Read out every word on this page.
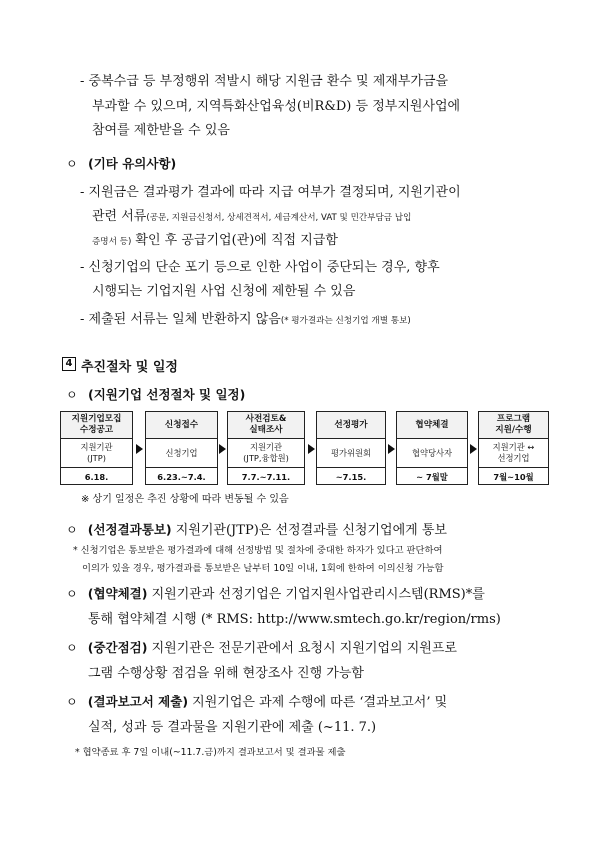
- 중복수급 등 부정행위 적발시 해당 지원금 환수 및 제재부가금을
부과할 수 있으며, 지역특화산업육성(비R&D) 등 정부지원사업에
참여를 제한받을 수 있음
ㅇ (기타 유의사항)
- 지원금은 결과평가 결과에 따라 지급 여부가 결정되며, 지원기관이
관련 서류(공문, 지원금신청서, 상세견적서, 세금계산서, VAT 및 민간부담금 납입
증명서 등) 확인 후 공급기업(관)에 직접 지급함
- 신청기업의 단순 포기 등으로 인한 사업이 중단되는 경우, 향후
시행되는 기업지원 사업 신청에 제한될 수 있음
- 제출된 서류는 일체 반환하지 않음(* 평가결과는 신청기업 개별 통보)
4 추진절차 및 일정
ㅇ (지원기업 선정절차 및 일정)
지원기업모집
수정공고
지원기관
(JTP)
6.18.
신청접수
신청기업
6.23.~7.4.
사전검토&
실태조사
지원기관
(JTP,융합원)
7.7.~7.11.
선정평가
평가위원회
~7.15.
협약체결
협약당사자
~ 7월말
프로그램
지원/수행
지원기관 ↔
선정기업
7월~10월
※ 상기 일정은 추진 상황에 따라 변동될 수 있음
ㅇ (선정결과통보) 지원기관(JTP)은 선정결과를 신청기업에게 통보
* 신청기업은 통보받은 평가결과에 대해 선정방법 및 절차에 중대한 하자가 있다고 판단하여
이의가 있을 경우, 평가결과를 통보받은 날부터 10일 이내, 1회에 한하여 이의신청 가능함
ㅇ (협약체결) 지원기관과 선정기업은 기업지원사업관리시스템(RMS)*를
통해 협약체결 시행 (* RMS: http://www.smtech.go.kr/region/rms)
ㅇ (중간점검) 지원기관은 전문기관에서 요청시 지원기업의 지원프로
그램 수행상황 점검을 위해 현장조사 진행 가능함
ㅇ (결과보고서 제출) 지원기업은 과제 수행에 따른 ‘결과보고서’ 및
실적, 성과 등 결과물을 지원기관에 제출 (~11. 7.)
* 협약종료 후 7일 이내(~11.7.금)까지 결과보고서 및 결과물 제출
